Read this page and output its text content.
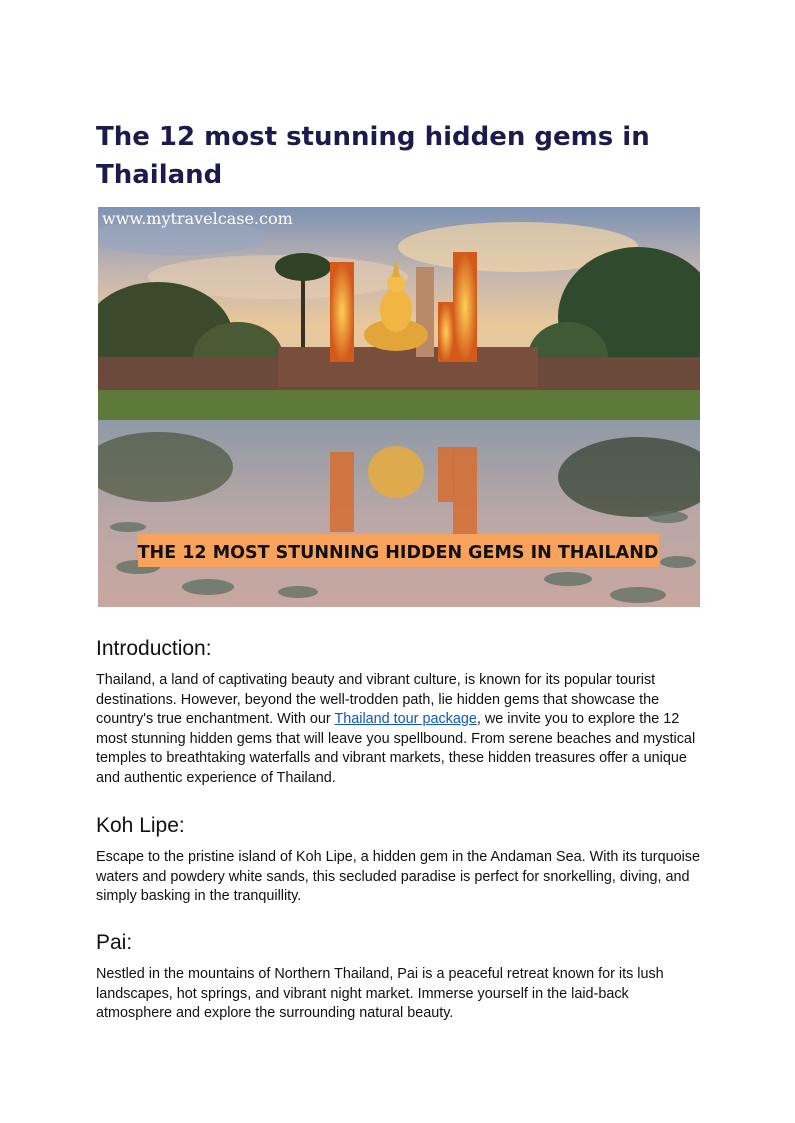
The 12 most stunning hidden gems in Thailand
THE 12 MOST STUNNING HIDDEN GEMS IN THAILAND
www.mytravelcase.com
Introduction:

Thailand, a land of captivating beauty and vibrant culture, is known for its popular tourist destinations. However, beyond the well-trodden path, lie hidden gems that showcase the country's true enchantment. With our Thailand tour package, we invite you to explore the 12 most stunning hidden gems that will leave you spellbound. From serene beaches and mystical temples to breathtaking waterfalls and vibrant markets, these hidden treasures offer a unique and authentic experience of Thailand.

Koh Lipe:

Escape to the pristine island of Koh Lipe, a hidden gem in the Andaman Sea. With its turquoise waters and powdery white sands, this secluded paradise is perfect for snorkelling, diving, and simply basking in the tranquillity.

Pai:

Nestled in the mountains of Northern Thailand, Pai is a peaceful retreat known for its lush landscapes, hot springs, and vibrant night market. Immerse yourself in the laid-back atmosphere and explore the surrounding natural beauty.
